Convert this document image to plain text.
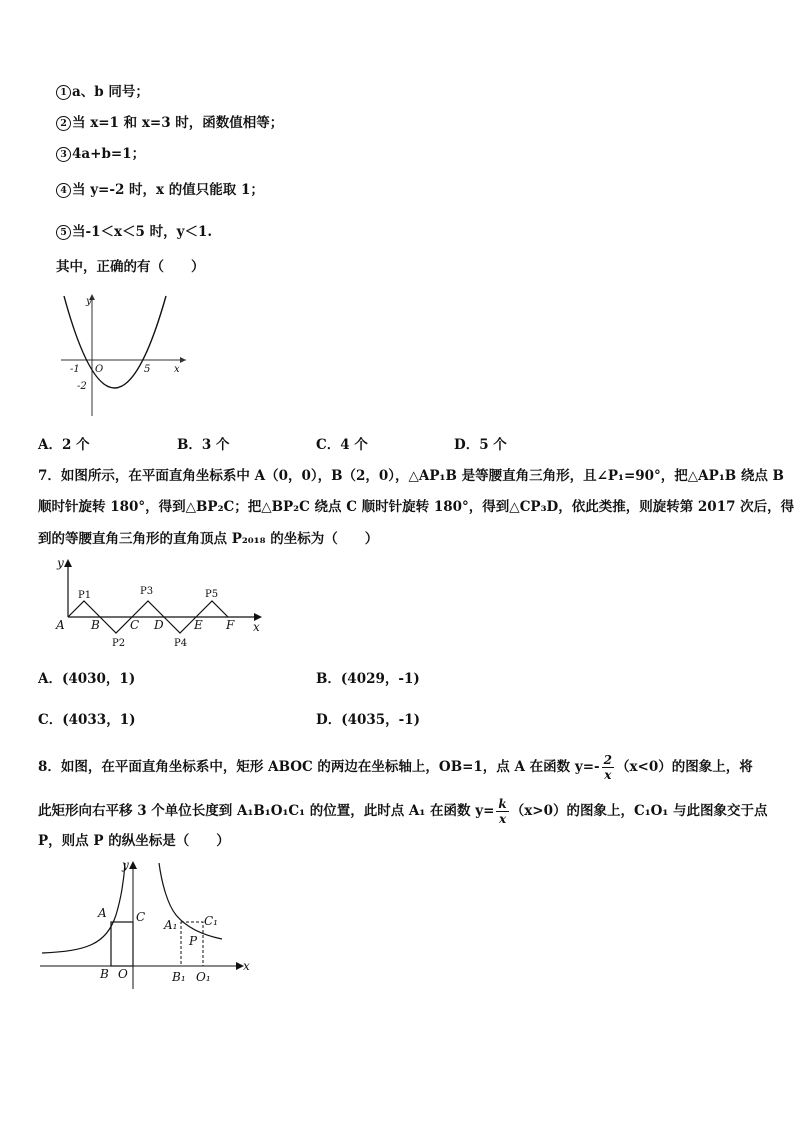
1 a、b 同号；
2 当 x=1 和 x=3 时，函数值相等；
3 4a+b=1；
4 当 y=-2 时，x 的值只能取 1；
5 当-1＜x＜5 时，y＜1.
其中，正确的有（　　）
y
x
O
-1	5
-2
A．2 个	B．3 个	C．4 个	D．5 个
7．如图所示，在平面直角坐标系中 A（0，0），B（2，0），△AP₁B 是等腰直角三角形，且∠P₁=90°，把△AP₁B 绕点 B
顺时针旋转 180°，得到△BP₂C；把△BP₂C 绕点 C 顺时针旋转 180°，得到△CP₃D，依此类推，则旋转第 2017 次后，得
到的等腰直角三角形的直角顶点 P₂₀₁₈ 的坐标为（　　）
y
x
A B	C D	E F
P1	P3	P5
P2	P4
A．(4030，1)	B．(4029，-1)
C．(4033，1)	D．(4035，-1)
8．如图，在平面直角坐标系中，矩形 ABOC 的两边在坐标轴上，OB=1，点 A 在函数 $y=- \frac{2}{x} (x<0)$的图象上，将
此矩形向右平移 3 个单位长度到 A₁B₁O₁C₁ 的位置，此时点 A₁ 在函数 $y= \frac{k}{x} (x>0)$的图象上，C₁O₁ 与此图象交于点
P，则点 P 的纵坐标是（　　）
y
x
A C
B O
A₁ C₁
P
B₁ O₁
